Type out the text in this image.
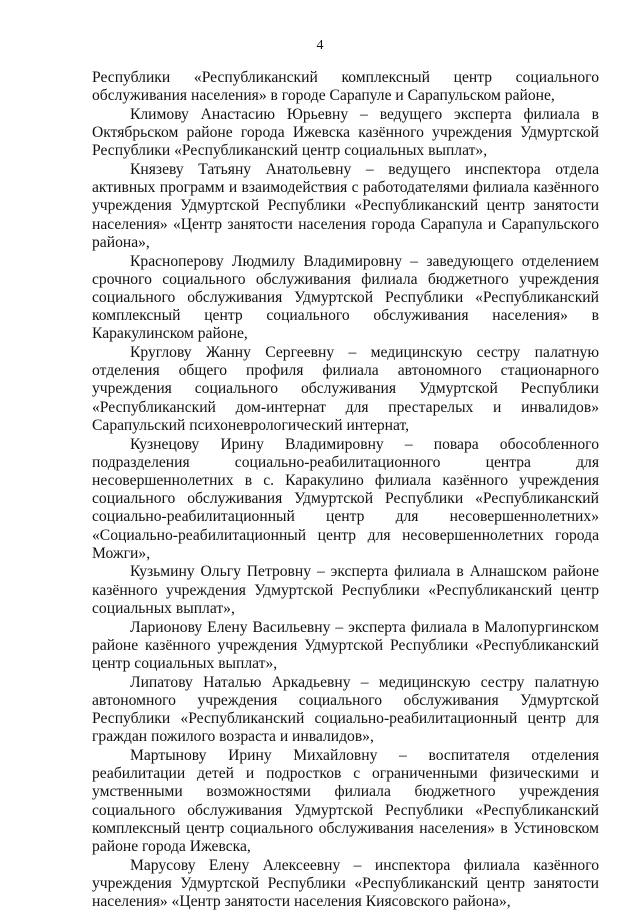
4

Республики «Республиканский комплексный центр социального обслуживания населения» в городе Сарапуле и Сарапульском районе,

Климову Анастасию Юрьевну – ведущего эксперта филиала в Октябрьском районе города Ижевска казённого учреждения Удмуртской Республики «Республиканский центр социальных выплат»,

Князеву Татьяну Анатольевну – ведущего инспектора отдела активных программ и взаимодействия с работодателями филиала казённого учреждения Удмуртской Республики «Республиканский центр занятости населения» «Центр занятости населения города Сарапула и Сарапульского района»,

Красноперову Людмилу Владимировну – заведующего отделением срочного социального обслуживания филиала бюджетного учреждения социального обслуживания Удмуртской Республики «Республиканский комплексный центр социального обслуживания населения» в Каракулинском районе,

Круглову Жанну Сергеевну – медицинскую сестру палатную отделения общего профиля филиала автономного стационарного учреждения социального обслуживания Удмуртской Республики «Республиканский дом-интернат для престарелых и инвалидов» Сарапульский психоневрологический интернат,

Кузнецову Ирину Владимировну – повара обособленного подразделения социально-реабилитационного центра для несовершеннолетних в с. Каракулино филиала казённого учреждения социального обслуживания Удмуртской Республики «Республиканский социально-реабилитационный центр для несовершеннолетних» «Социально-реабилитационный центр для несовершеннолетних города Можги»,

Кузьмину Ольгу Петровну – эксперта филиала в Алнашском районе казённого учреждения Удмуртской Республики «Республиканский центр социальных выплат»,

Ларионову Елену Васильевну – эксперта филиала в Малопургинском районе казённого учреждения Удмуртской Республики «Республиканский центр социальных выплат»,

Липатову Наталью Аркадьевну – медицинскую сестру палатную автономного учреждения социального обслуживания Удмуртской Республики «Республиканский социально-реабилитационный центр для граждан пожилого возраста и инвалидов»,

Мартынову Ирину Михайловну – воспитателя отделения реабилитации детей и подростков с ограниченными физическими и умственными возможностями филиала бюджетного учреждения социального обслуживания Удмуртской Республики «Республиканский комплексный центр социального обслуживания населения» в Устиновском районе города Ижевска,

Марусову Елену Алексеевну – инспектора филиала казённого учреждения Удмуртской Республики «Республиканский центр занятости населения» «Центр занятости населения Киясовского района»,
